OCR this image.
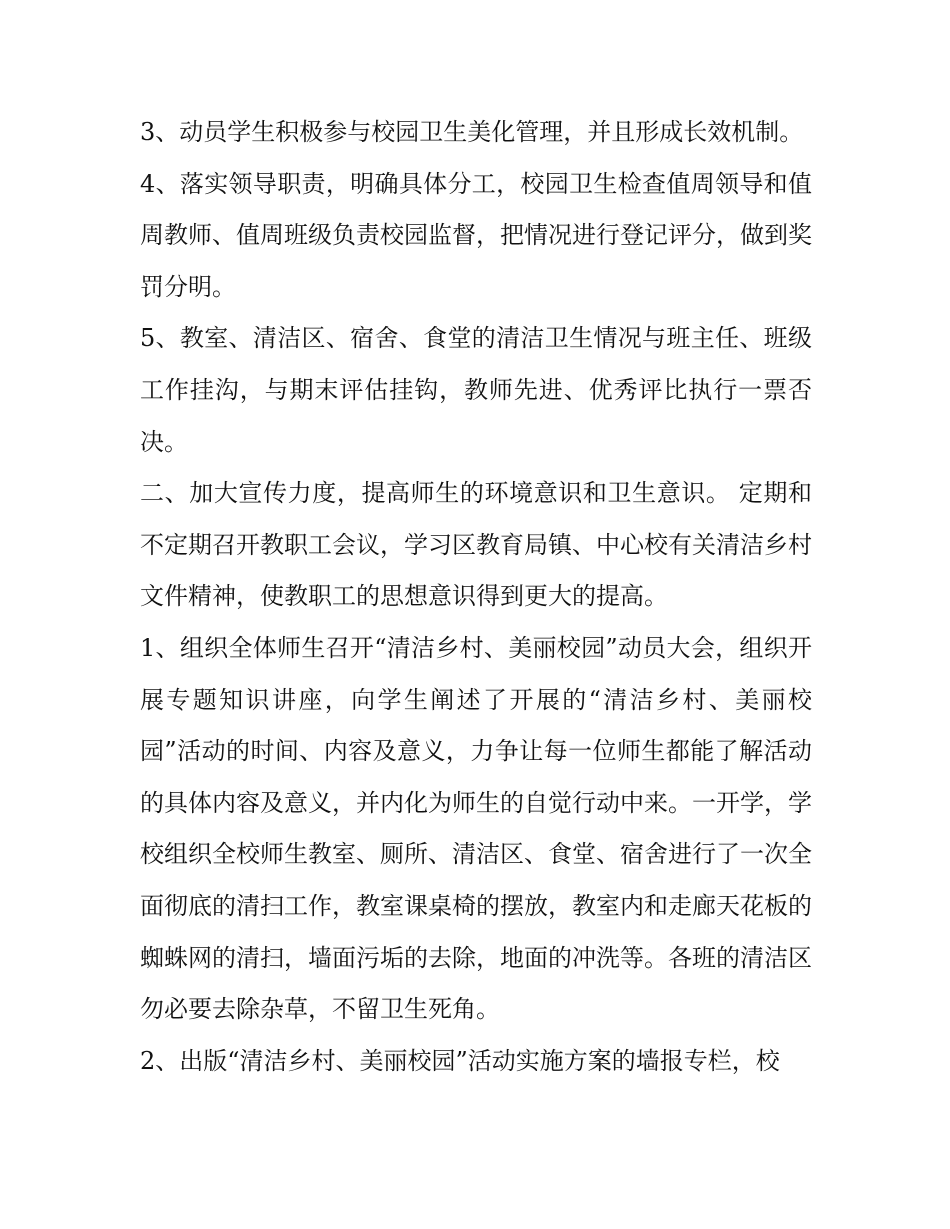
3、动员学生积极参与校园卫生美化管理，并且形成长效机制。

4、落实领导职责，明确具体分工，校园卫生检查值周领导和值周教师、值周班级负责校园监督，把情况进行登记评分，做到奖罚分明。

5、教室、清洁区、宿舍、食堂的清洁卫生情况与班主任、班级工作挂沟，与期末评估挂钩，教师先进、优秀评比执行一票否决。

二、加大宣传力度，提高师生的环境意识和卫生意识。 定期和不定期召开教职工会议，学习区教育局镇、中心校有关清洁乡村文件精神，使教职工的思想意识得到更大的提高。

1、组织全体师生召开“清洁乡村、美丽校园”动员大会，组织开展专题知识讲座，向学生阐述了开展的“清洁乡村、美丽校园”活动的时间、内容及意义，力争让每一位师生都能了解活动的具体内容及意义，并内化为师生的自觉行动中来。一开学，学校组织全校师生教室、厕所、清洁区、食堂、宿舍进行了一次全面彻底的清扫工作，教室课桌椅的摆放，教室内和走廊天花板的蜘蛛网的清扫，墙面污垢的去除，地面的冲洗等。各班的清洁区勿必要去除杂草，不留卫生死角。

2、出版“清洁乡村、美丽校园”活动实施方案的墙报专栏，校
